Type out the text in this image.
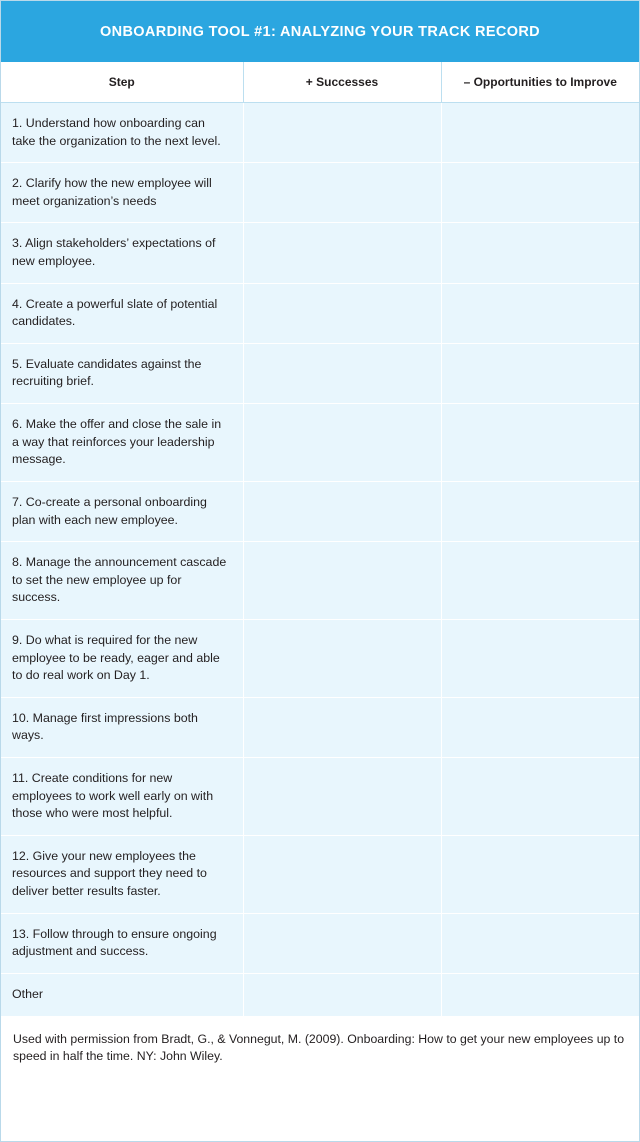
ONBOARDING TOOL #1: ANALYZING YOUR TRACK RECORD
Step	+ Successes	– Opportunities to Improve
1. Understand how onboarding can take the organization to the next level.		
2. Clarify how the new employee will meet organization’s needs		
3. Align stakeholders’ expectations of new employee.		
4. Create a powerful slate of potential candidates.		
5. Evaluate candidates against the recruiting brief.		
6. Make the offer and close the sale in a way that reinforces your leadership message.		
7. Co-create a personal onboarding plan with each new employee.		
8. Manage the announcement cascade to set the new employee up for success.		
9. Do what is required for the new employee to be ready, eager and able to do real work on Day 1.		
10. Manage first impressions both ways.		
11. Create conditions for new employees to work well early on with those who were most helpful.		
12. Give your new employees the resources and support they need to deliver better results faster.		
13. Follow through to ensure ongoing adjustment and success.		
Other		
Used with permission from Bradt, G., & Vonnegut, M. (2009). Onboarding: How to get your new employees up to speed in half the time. NY: John Wiley.
